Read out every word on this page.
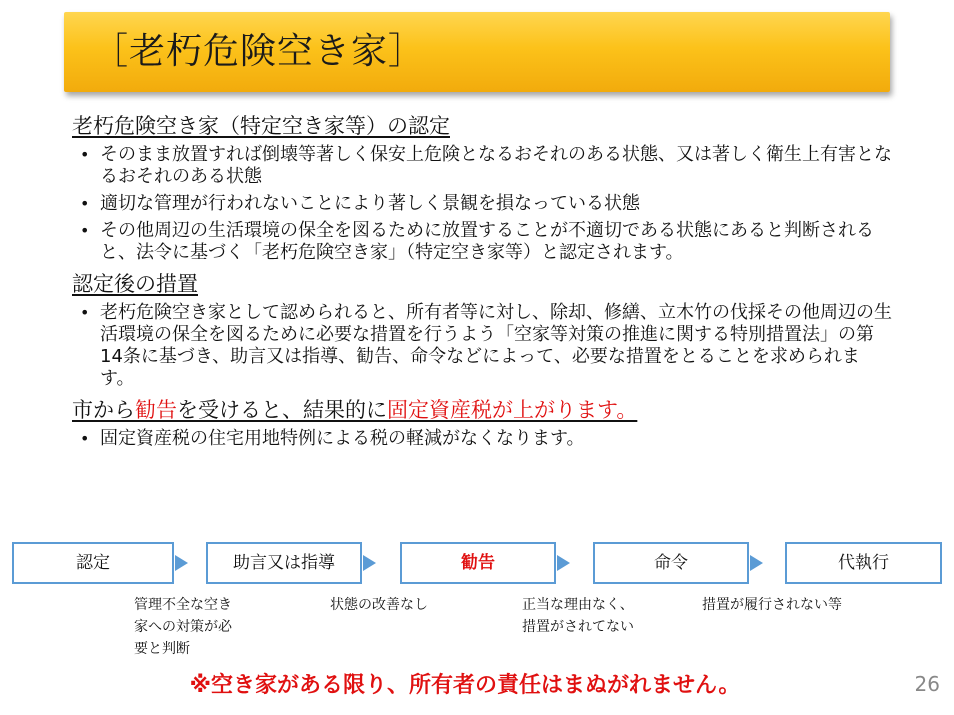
［老朽危険空き家］

老朽危険空き家（特定空き家等）の認定

• そのまま放置すれば倒壊等著しく保安上危険となるおそれのある状態、又は著しく衛生上有害となるおそれのある状態
• 適切な管理が行われないことにより著しく景観を損なっている状態
• その他周辺の生活環境の保全を図るために放置することが不適切である状態にあると判断されると、法令に基づく「老朽危険空き家」（特定空き家等）と認定されます。

認定後の措置

• 老朽危険空き家として認められると、所有者等に対し、除却、修繕、立木竹の伐採その他周辺の生活環境の保全を図るために必要な措置を行うよう「空家等対策の推進に関する特別措置法」の第14条に基づき、助言又は指導、勧告、命令などによって、必要な措置をとることを求められます。

市から勧告を受けると、結果的に固定資産税が上がります。

• 固定資産税の住宅用地特例による税の軽減がなくなります。
認定	助言又は指導	勧告	命令	代執行
管理不全な空き
家への対策が必
要と判断
状態の改善なし	正当な理由なく、
措置がされてない
措置が履行されない等
※空き家がある限り、所有者の責任はまぬがれません。	26
